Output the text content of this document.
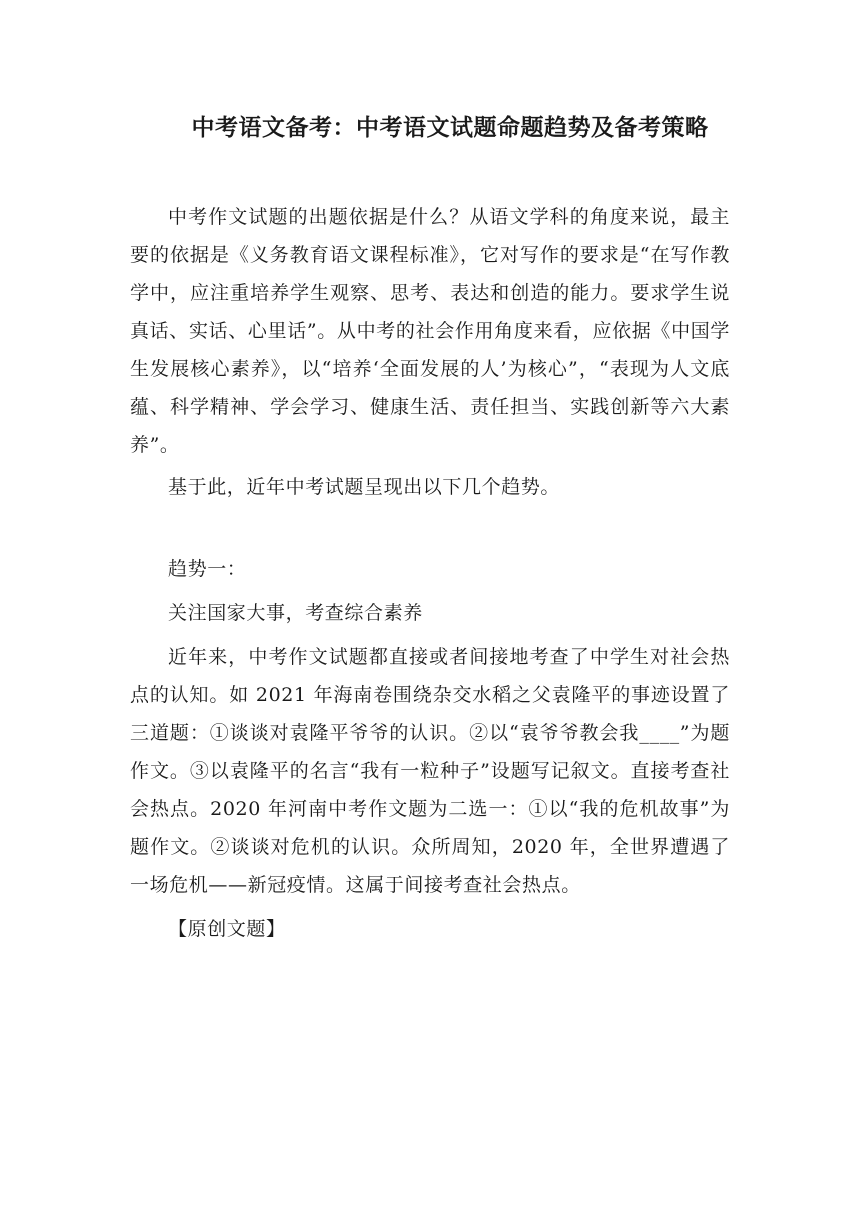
中考语文备考：中考语文试题命题趋势及备考策略

中考作文试题的出题依据是什么？从语文学科的角度来说，最主要的依据是《义务教育语文课程标准》，它对写作的要求是“在写作教学中，应注重培养学生观察、思考、表达和创造的能力。要求学生说真话、实话、心里话”。从中考的社会作用角度来看，应依据《中国学生发展核心素养》，以“培养‘全面发展的人’为核心”，“表现为人文底蕴、科学精神、学会学习、健康生活、责任担当、实践创新等六大素养”。

基于此，近年中考试题呈现出以下几个趋势。

趋势一：

关注国家大事，考查综合素养

近年来，中考作文试题都直接或者间接地考查了中学生对社会热点的认知。如 2021 年海南卷围绕杂交水稻之父袁隆平的事迹设置了三道题：①谈谈对袁隆平爷爷的认识。②以“袁爷爷教会我____”为题作文。③以袁隆平的名言“我有一粒种子”设题写记叙文。直接考查社会热点。2020 年河南中考作文题为二选一：①以“我的危机故事”为题作文。②谈谈对危机的认识。众所周知，2020 年，全世界遭遇了一场危机——新冠疫情。这属于间接考查社会热点。

【原创文题】
